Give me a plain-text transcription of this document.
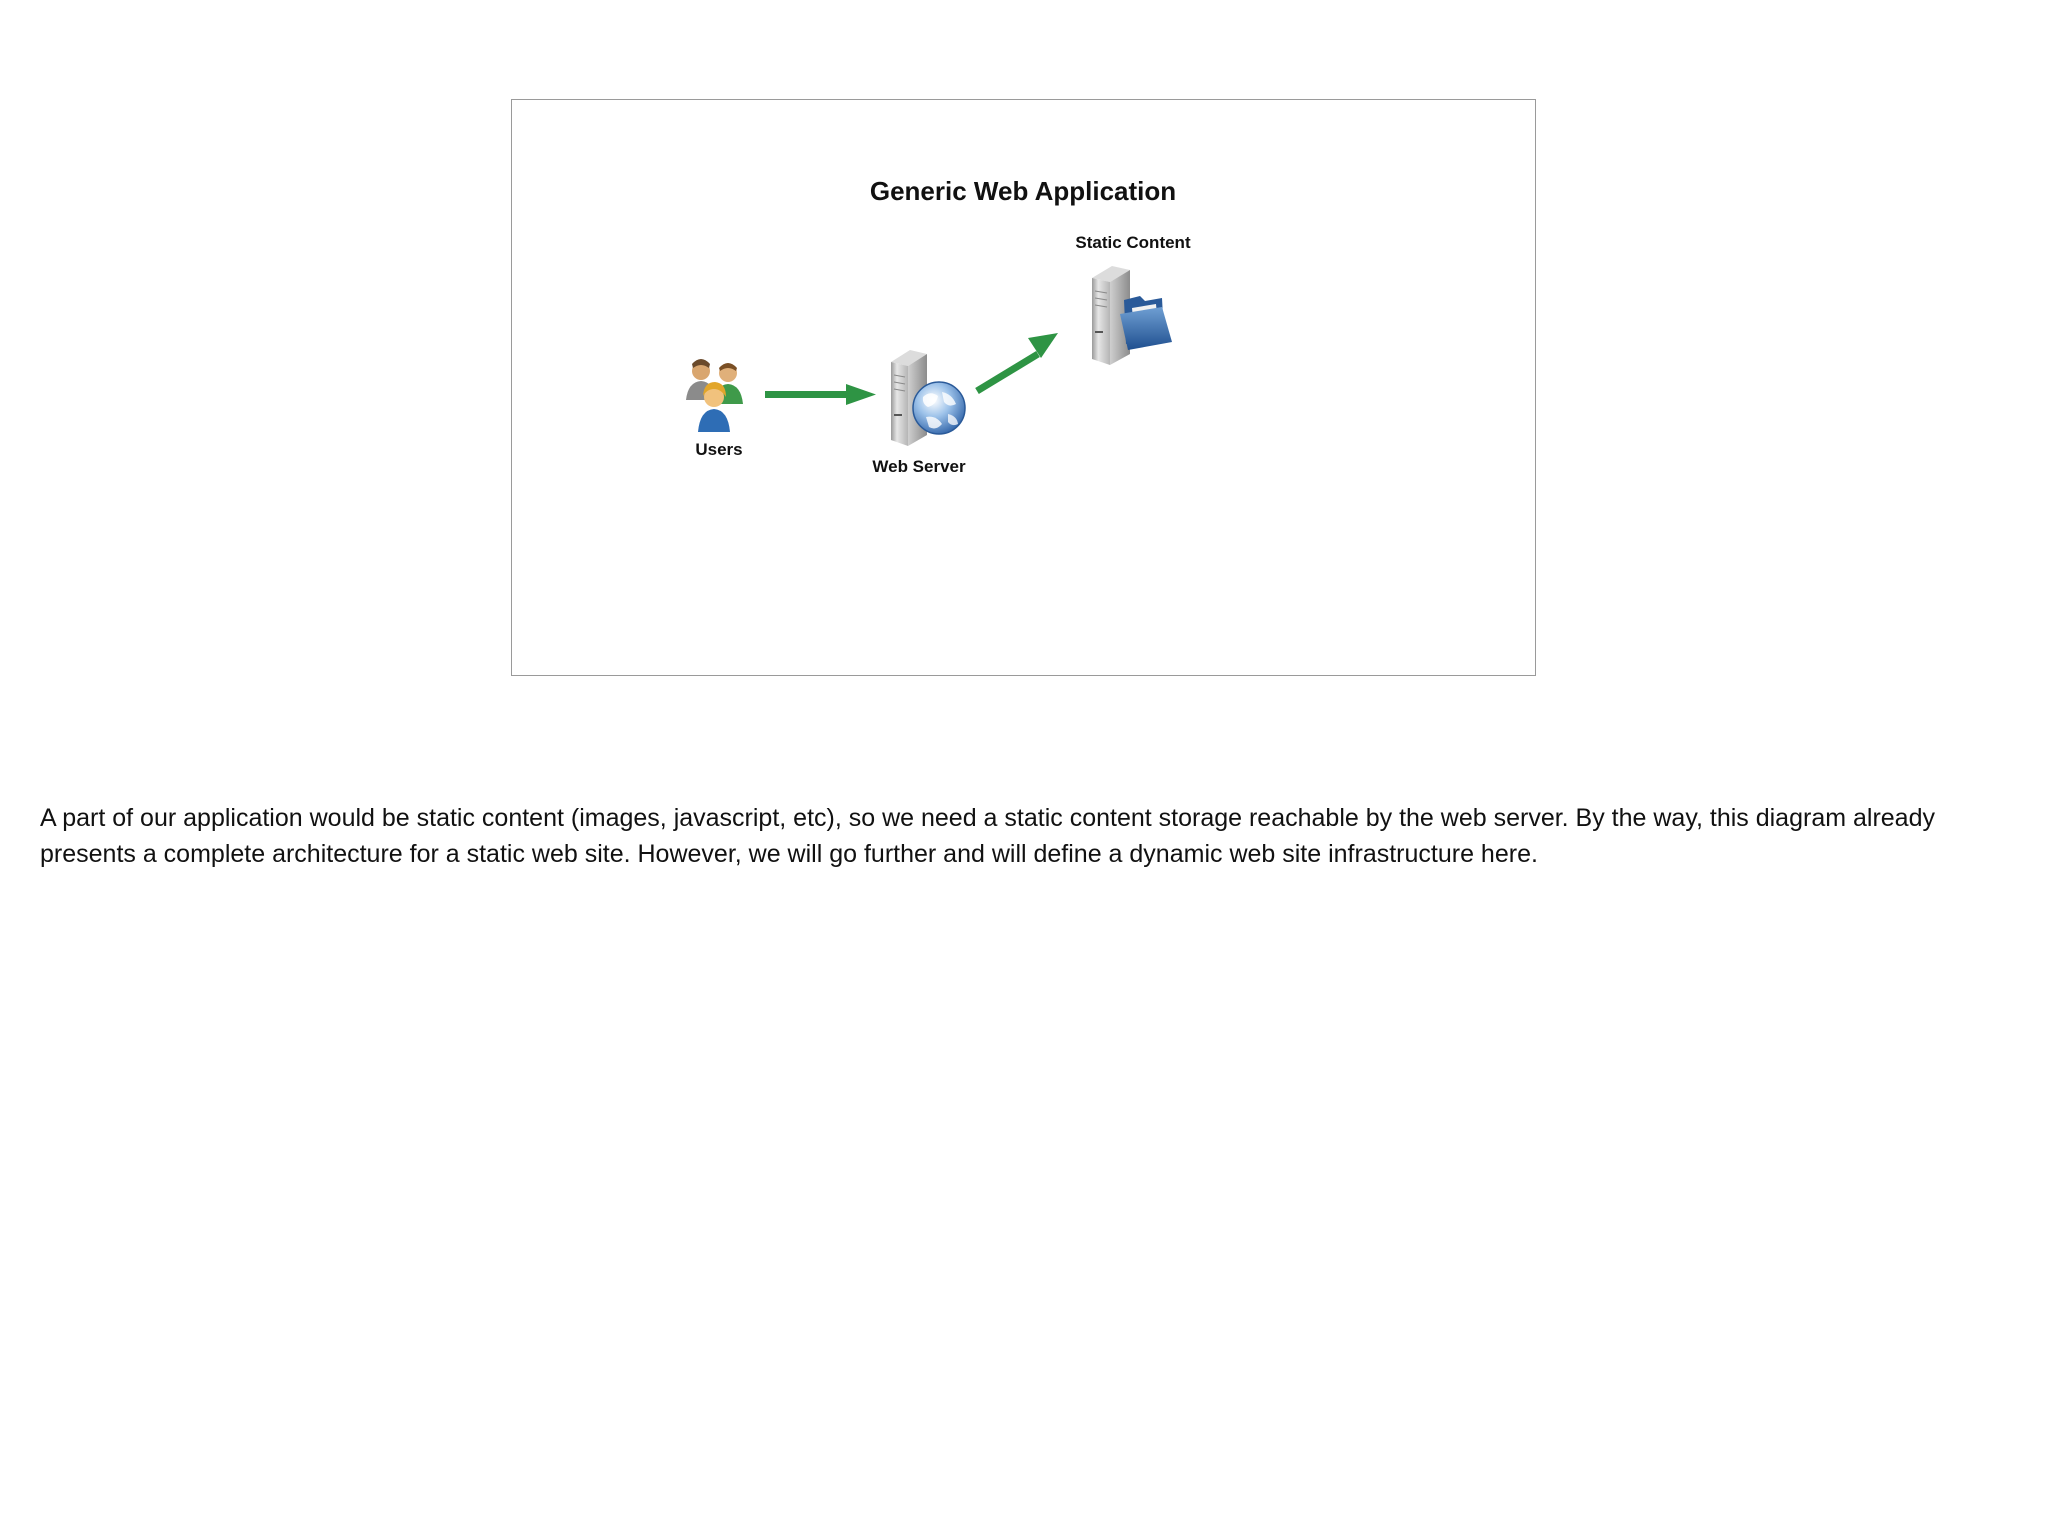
Generic Web Application
Users
Web Server
Static Content
A part of our application would be static content (images, javascript, etc), so we need a static content storage reachable by the web server. By the way, this diagram already presents a complete architecture for a static web site. However, we will go further and will define a dynamic web site infrastructure here.
